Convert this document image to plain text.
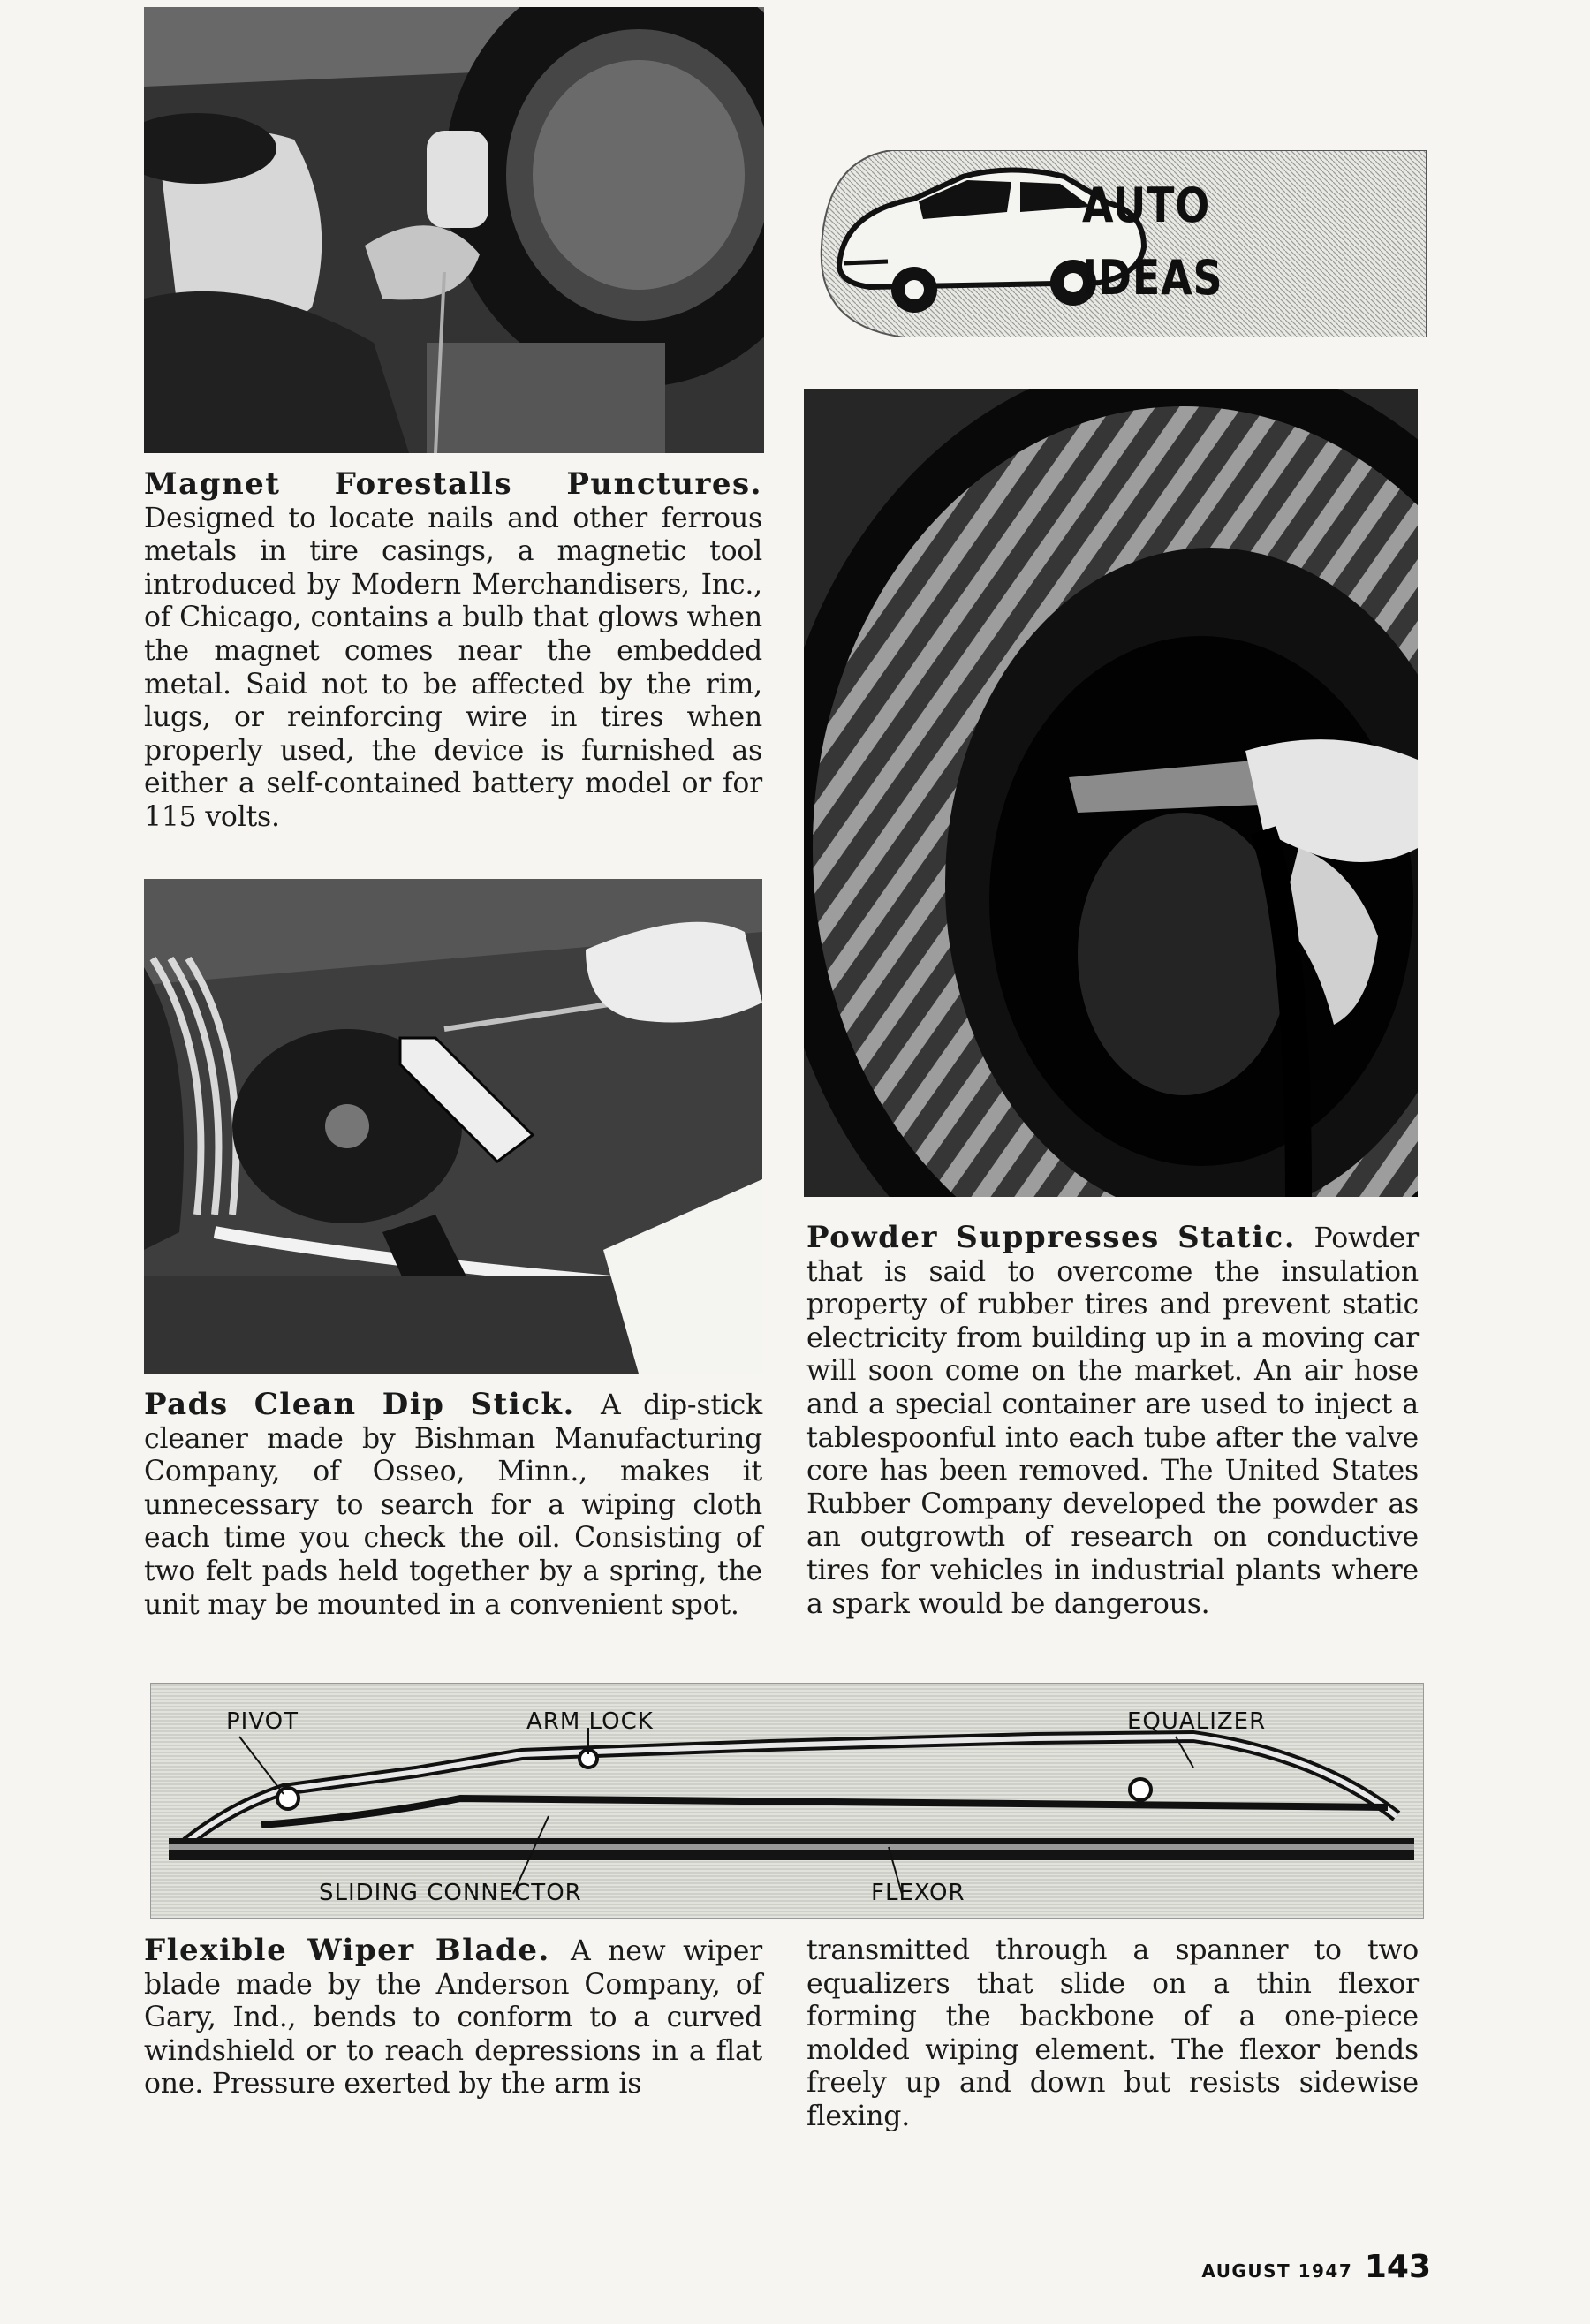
AUTO
IDEAS
Magnet Forestalls Punctures. Designed to locate nails and other ferrous metals in tire casings, a magnetic tool introduced by Modern Merchandisers, Inc., of Chicago, contains a bulb that glows when the magnet comes near the embedded metal. Said not to be affected by the rim, lugs, or reinforcing wire in tires when properly used, the device is furnished as either a self-contained battery model or for 115 volts.
Pads Clean Dip Stick. A dip-stick cleaner made by Bishman Manufacturing Company, of Osseo, Minn., makes it unnecessary to search for a wiping cloth each time you check the oil. Consisting of two felt pads held together by a spring, the unit may be mounted in a convenient spot.
Powder Suppresses Static. Powder that is said to overcome the insulation property of rubber tires and prevent static electricity from building up in a moving car will soon come on the market. An air hose and a special container are used to inject a tablespoonful into each tube after the valve core has been removed. The United States Rubber Company developed the powder as an outgrowth of research on conductive tires for vehicles in industrial plants where a spark would be dangerous.
PIVOT	ARM LOCK	EQUALIZER
SLIDING CONNECTOR	FLEXOR
Flexible Wiper Blade. A new wiper blade made by the Anderson Company, of Gary, Ind., bends to conform to a curved windshield or to reach depressions in a flat one. Pressure exerted by the arm is
transmitted through a spanner to two equalizers that slide on a thin flexor forming the backbone of a one-piece molded wiping element. The flexor bends freely up and down but resists sidewise flexing.
AUGUST 1947 143
